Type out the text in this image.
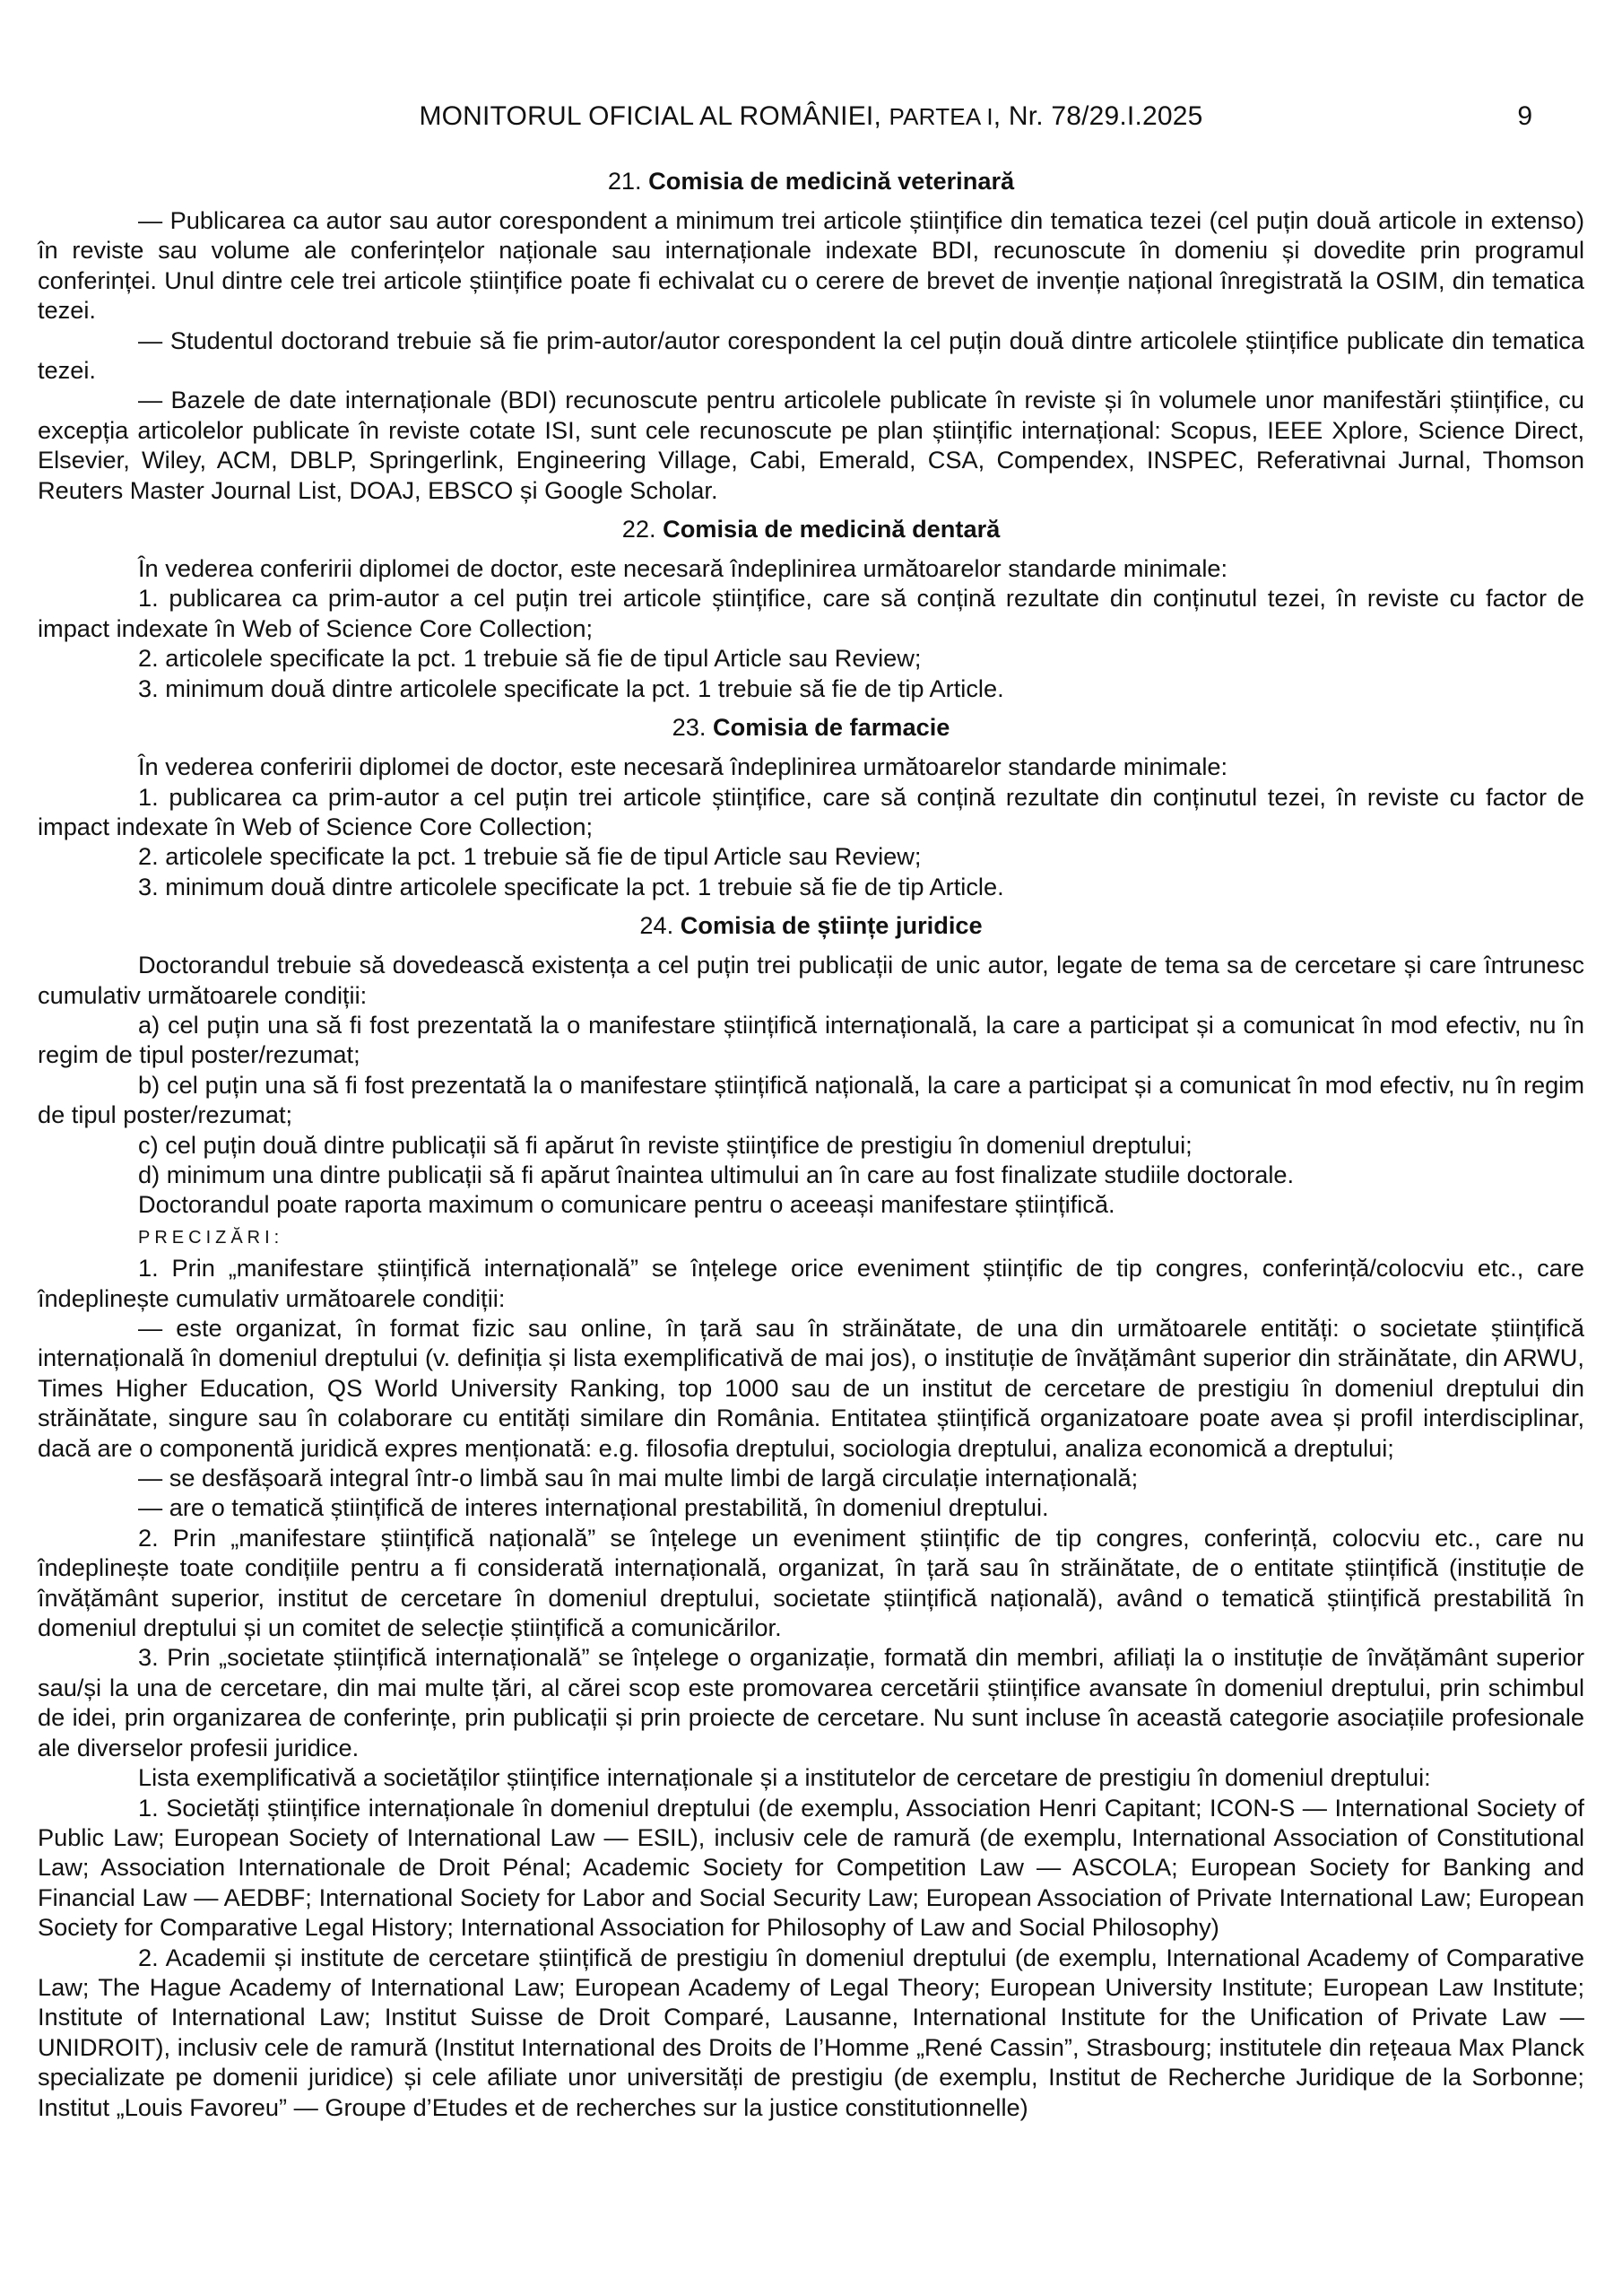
MONITORUL OFICIAL AL ROMÂNIEI, PARTEA I, Nr. 78/29.I.2025	9

21. Comisia de medicină veterinară

— Publicarea ca autor sau autor corespondent a minimum trei articole științifice din tematica tezei (cel puțin două articole in extenso) în reviste sau volume ale conferințelor naționale sau internaționale indexate BDI, recunoscute în domeniu și dovedite prin programul conferinței. Unul dintre cele trei articole științifice poate fi echivalat cu o cerere de brevet de invenție național înregistrată la OSIM, din tematica tezei.

— Studentul doctorand trebuie să fie prim-autor/autor corespondent la cel puțin două dintre articolele științifice publicate din tematica tezei.

— Bazele de date internaționale (BDI) recunoscute pentru articolele publicate în reviste și în volumele unor manifestări științifice, cu excepția articolelor publicate în reviste cotate ISI, sunt cele recunoscute pe plan științific internațional: Scopus, IEEE Xplore, Science Direct, Elsevier, Wiley, ACM, DBLP, Springerlink, Engineering Village, Cabi, Emerald, CSA, Compendex, INSPEC, Referativnai Jurnal, Thomson Reuters Master Journal List, DOAJ, EBSCO și Google Scholar.

22. Comisia de medicină dentară

În vederea conferirii diplomei de doctor, este necesară îndeplinirea următoarelor standarde minimale:

1. publicarea ca prim-autor a cel puțin trei articole științifice, care să conțină rezultate din conținutul tezei, în reviste cu factor de impact indexate în Web of Science Core Collection;

2. articolele specificate la pct. 1 trebuie să fie de tipul Article sau Review;

3. minimum două dintre articolele specificate la pct. 1 trebuie să fie de tip Article.

23. Comisia de farmacie

În vederea conferirii diplomei de doctor, este necesară îndeplinirea următoarelor standarde minimale:

1. publicarea ca prim-autor a cel puțin trei articole științifice, care să conțină rezultate din conținutul tezei, în reviste cu factor de impact indexate în Web of Science Core Collection;

2. articolele specificate la pct. 1 trebuie să fie de tipul Article sau Review;

3. minimum două dintre articolele specificate la pct. 1 trebuie să fie de tip Article.

24. Comisia de științe juridice

Doctorandul trebuie să dovedească existența a cel puțin trei publicații de unic autor, legate de tema sa de cercetare și care întrunesc cumulativ următoarele condiții:

a) cel puțin una să fi fost prezentată la o manifestare științifică internațională, la care a participat și a comunicat în mod efectiv, nu în regim de tipul poster/rezumat;

b) cel puțin una să fi fost prezentată la o manifestare științifică națională, la care a participat și a comunicat în mod efectiv, nu în regim de tipul poster/rezumat;

c) cel puțin două dintre publicații să fi apărut în reviste științifice de prestigiu în domeniul dreptului;

d) minimum una dintre publicații să fi apărut înaintea ultimului an în care au fost finalizate studiile doctorale.

Doctorandul poate raporta maximum o comunicare pentru o aceeași manifestare științifică.

PRECIZĂRI:

1. Prin „manifestare științifică internațională” se înțelege orice eveniment științific de tip congres, conferință/colocviu etc., care îndeplinește cumulativ următoarele condiții:

— este organizat, în format fizic sau online, în țară sau în străinătate, de una din următoarele entități: o societate științifică internațională în domeniul dreptului (v. definiția și lista exemplificativă de mai jos), o instituție de învățământ superior din străinătate, din ARWU, Times Higher Education, QS World University Ranking, top 1000 sau de un institut de cercetare de prestigiu în domeniul dreptului din străinătate, singure sau în colaborare cu entități similare din România. Entitatea științifică organizatoare poate avea și profil interdisciplinar, dacă are o componentă juridică expres menționată: e.g. filosofia dreptului, sociologia dreptului, analiza economică a dreptului;

— se desfășoară integral într-o limbă sau în mai multe limbi de largă circulație internațională;

— are o tematică științifică de interes internațional prestabilită, în domeniul dreptului.

2. Prin „manifestare științifică națională” se înțelege un eveniment științific de tip congres, conferință, colocviu etc., care nu îndeplinește toate condițiile pentru a fi considerată internațională, organizat, în țară sau în străinătate, de o entitate științifică (instituție de învățământ superior, institut de cercetare în domeniul dreptului, societate științifică națională), având o tematică științifică prestabilită în domeniul dreptului și un comitet de selecție științifică a comunicărilor.

3. Prin „societate științifică internațională” se înțelege o organizație, formată din membri, afiliați la o instituție de învățământ superior sau/și la una de cercetare, din mai multe țări, al cărei scop este promovarea cercetării științifice avansate în domeniul dreptului, prin schimbul de idei, prin organizarea de conferințe, prin publicații și prin proiecte de cercetare. Nu sunt incluse în această categorie asociațiile profesionale ale diverselor profesii juridice.

Lista exemplificativă a societăților științifice internaționale și a institutelor de cercetare de prestigiu în domeniul dreptului:

1. Societăți științifice internaționale în domeniul dreptului (de exemplu, Association Henri Capitant; ICON-S — International Society of Public Law; European Society of International Law — ESIL), inclusiv cele de ramură (de exemplu, International Association of Constitutional Law; Association Internationale de Droit Pénal; Academic Society for Competition Law — ASCOLA; European Society for Banking and Financial Law — AEDBF; International Society for Labor and Social Security Law; European Association of Private International Law; European Society for Comparative Legal History; International Association for Philosophy of Law and Social Philosophy)

2. Academii și institute de cercetare științifică de prestigiu în domeniul dreptului (de exemplu, International Academy of Comparative Law; The Hague Academy of International Law; European Academy of Legal Theory; European University Institute; European Law Institute; Institute of International Law; Institut Suisse de Droit Comparé, Lausanne, International Institute for the Unification of Private Law — UNIDROIT), inclusiv cele de ramură (Institut International des Droits de l’Homme „René Cassin”, Strasbourg; institutele din rețeaua Max Planck specializate pe domenii juridice) și cele afiliate unor universități de prestigiu (de exemplu, Institut de Recherche Juridique de la Sorbonne; Institut „Louis Favoreu” — Groupe d’Etudes et de recherches sur la justice constitutionnelle)
